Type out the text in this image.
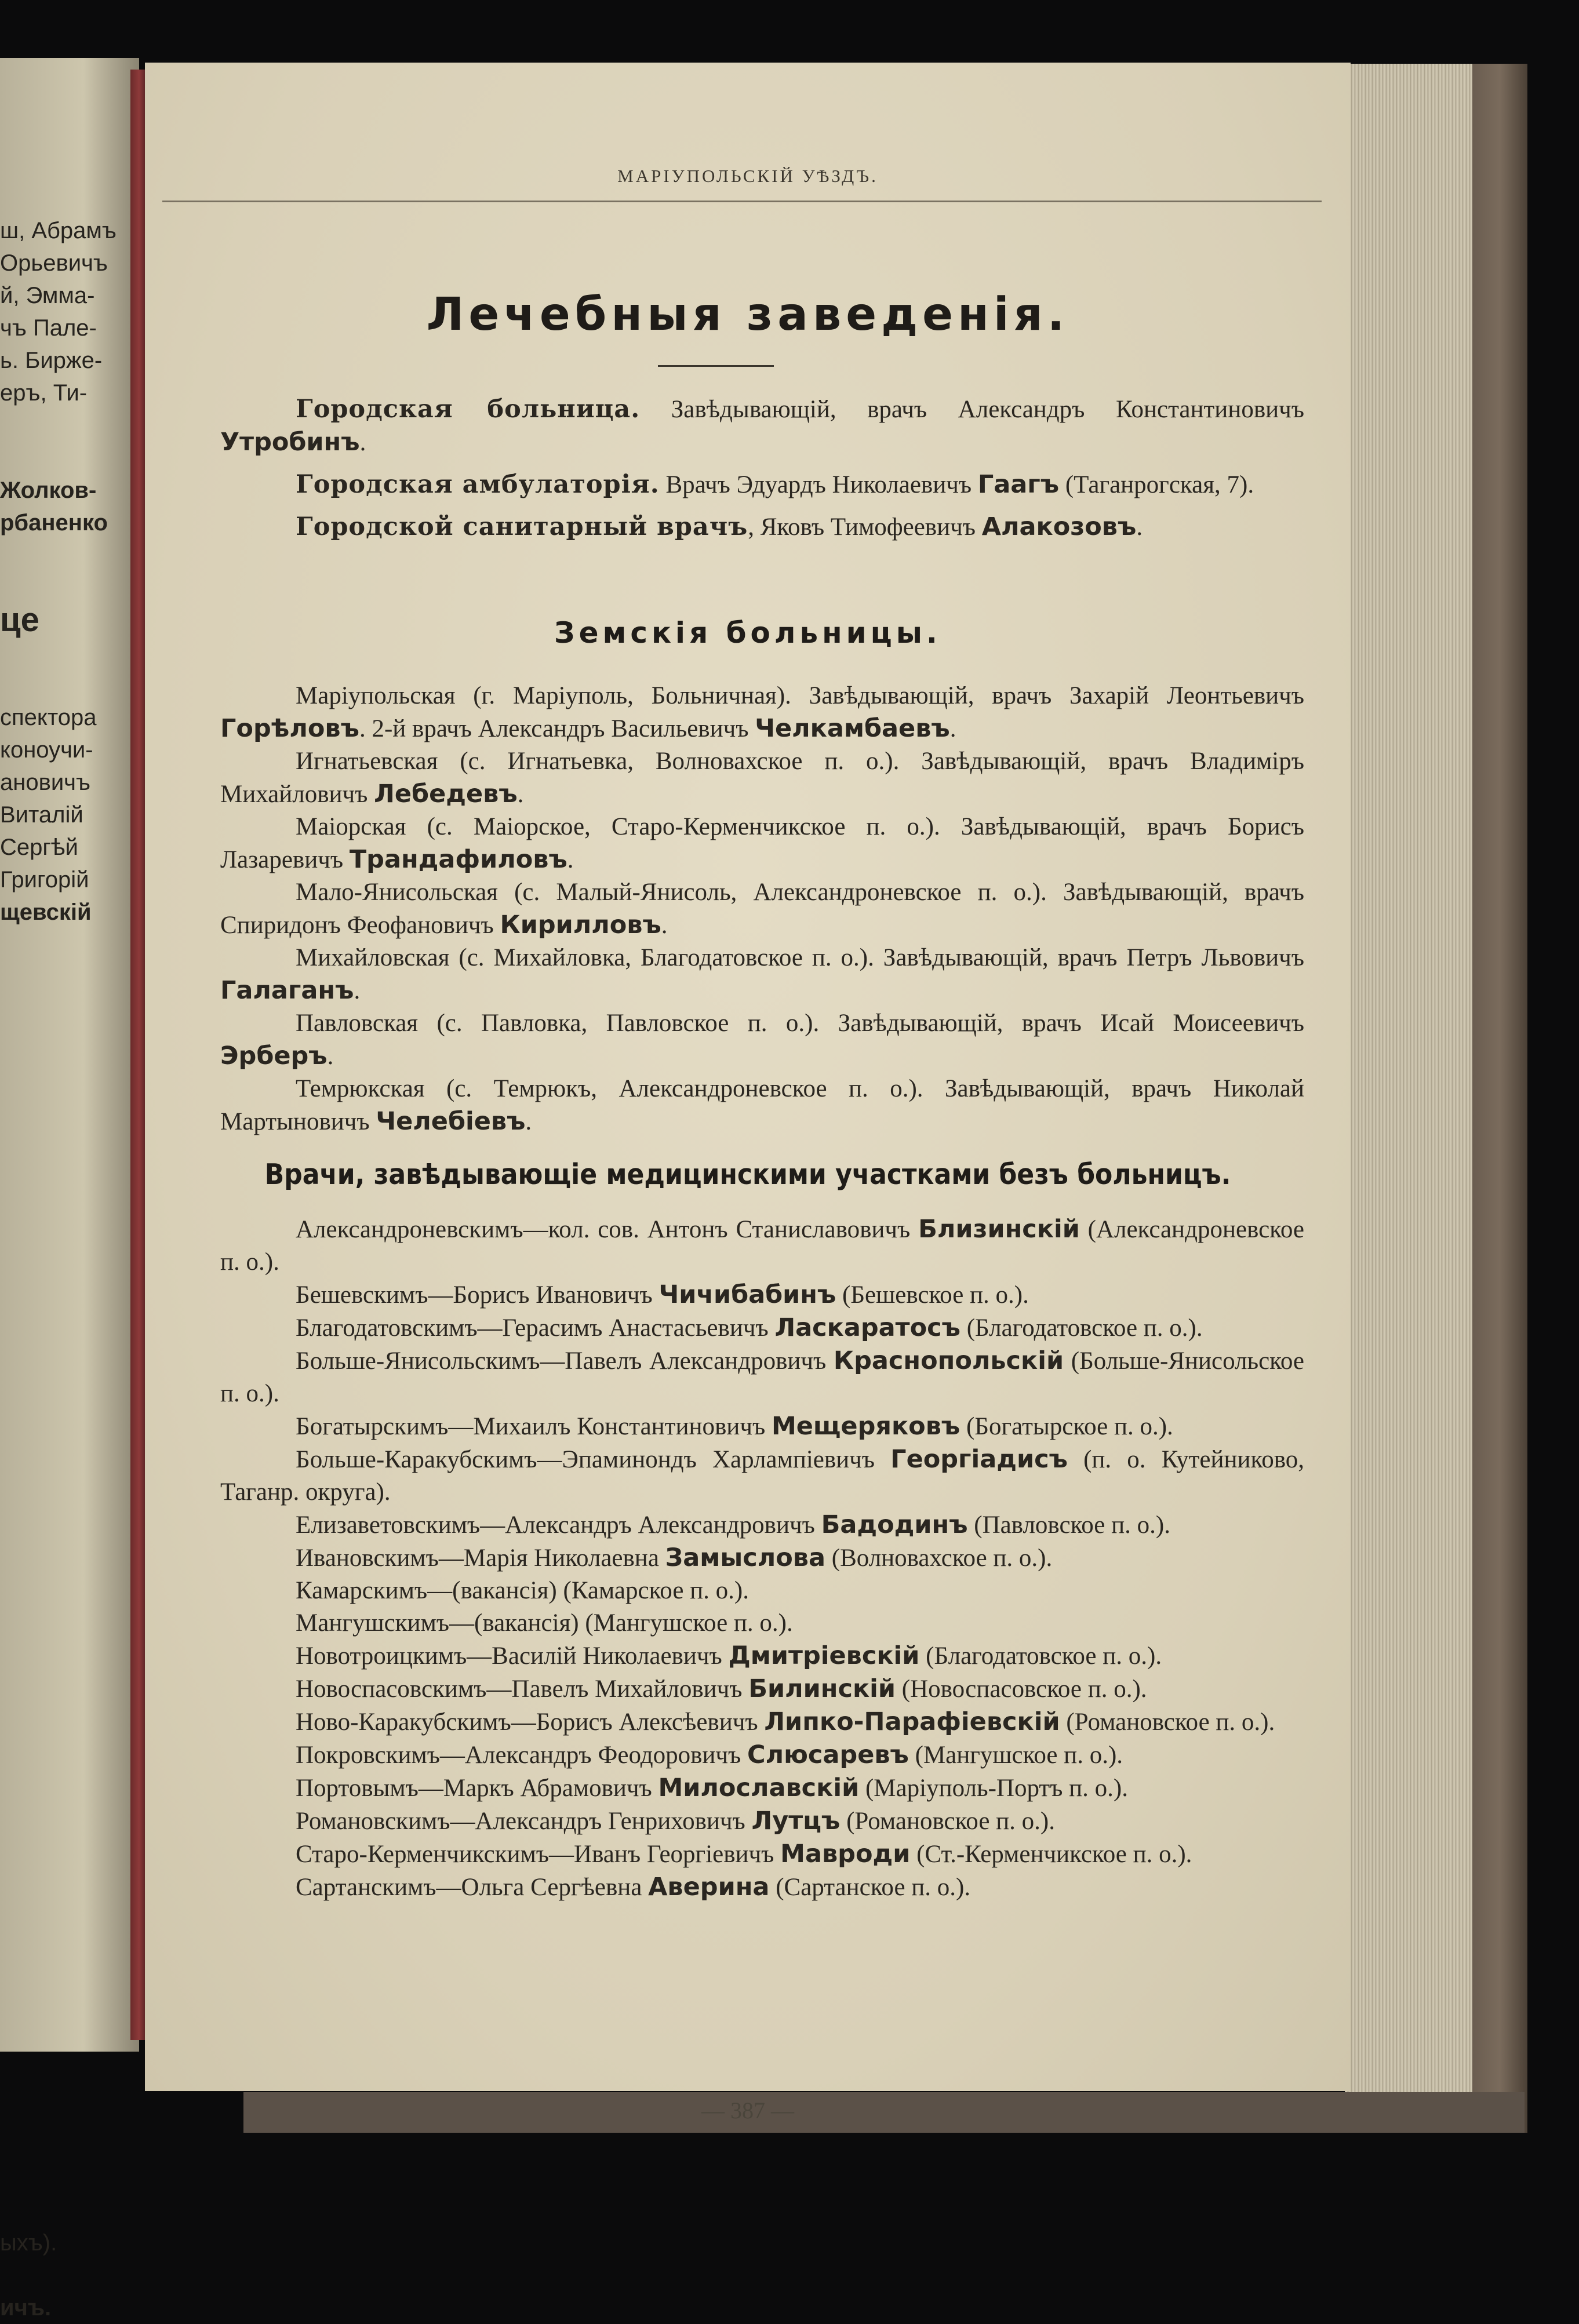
ш, Абрамъ

Орьевичъ

й, Эмма-

чъ Пале-

ь. Бирже-

еръ, Ти-

Жолков-

рбаненко

це

спектора

коноучи-

ановичъ

Виталій

Сергѣй

Григорій

щевскій

ыхъ).

ичъ.

МАРІУПОЛЬСКІЙ УѢЗДЪ.
Лечебныя заведенія.

Городская больница. Завѣдывающій, врачъ Александръ Константиновичъ Утробинъ.

Городская амбулаторія. Врачъ Эдуардъ Николаевичъ Гаагъ (Таганрогская, 7).

Городской санитарный врачъ, Яковъ Тимофеевичъ Алакозовъ.

Земскія больницы.

Маріупольская (г. Маріуполь, Больничная). Завѣдывающій, врачъ Захарій Леонтьевичъ Горѣловъ. 2-й врачъ Александръ Васильевичъ Челкамбаевъ.

Игнатьевская (с. Игнатьевка, Волновахское п. о.). Завѣдывающій, врачъ Владиміръ Михайловичъ Лебедевъ.

Маіорская (с. Маіорское, Старо-Керменчикское п. о.). Завѣдывающій, врачъ Борисъ Лазаревичъ Трандафиловъ.

Мало-Янисольская (с. Малый-Янисоль, Александроневское п. о.). Завѣдывающій, врачъ Спиридонъ Феофановичъ Кирилловъ.

Михайловская (с. Михайловка, Благодатовское п. о.). Завѣдывающій, врачъ Петръ Львовичъ Галаганъ.

Павловская (с. Павловка, Павловское п. о.). Завѣдывающій, врачъ Исай Моисеевичъ Эрберъ.

Темрюкская (с. Темрюкъ, Александроневское п. о.). Завѣдывающій, врачъ Николай Мартыновичъ Челебіевъ.

Врачи, завѣдывающіе медицинскими участками безъ больницъ.

Александроневскимъ—кол. сов. Антонъ Станиславовичъ Близинскій (Александроневское п. о.).

Бешевскимъ—Борисъ Ивановичъ Чичибабинъ (Бешевское п. о.).

Благодатовскимъ—Герасимъ Анастасьевичъ Ласкаратосъ (Благодатовское п. о.).

Больше-Янисольскимъ—Павелъ Александровичъ Краснопольскій (Больше-Янисольское п. о.).

Богатырскимъ—Михаилъ Константиновичъ Мещеряковъ (Богатырское п. о.).

Больше-Каракубскимъ—Эпаминондъ Харлампіевичъ Георгіадисъ (п. о. Кутейниково, Таганр. округа).

Елизаветовскимъ—Александръ Александровичъ Бадодинъ (Павловское п. о.).

Ивановскимъ—Марія Николаевна Замыслова (Волновахское п. о.).

Камарскимъ—(вакансія) (Камарское п. о.).

Мангушскимъ—(вакансія) (Мангушское п. о.).

Новотроицкимъ—Василій Николаевичъ Дмитріевскій (Благодатовское п. о.).

Новоспасовскимъ—Павелъ Михайловичъ Билинскій (Новоспасовское п. о.).

Ново-Каракубскимъ—Борисъ Алексѣевичъ Липко-Парафіевскій (Романовское п. о.).

Покровскимъ—Александръ Феодоровичъ Слюсаревъ (Мангушское п. о.).

Портовымъ—Маркъ Абрамовичъ Милославскій (Маріуполь-Портъ п. о.).

Романовскимъ—Александръ Генриховичъ Лутцъ (Романовское п. о.).

Старо-Керменчикскимъ—Иванъ Георгіевичъ Мавроди (Ст.-Керменчикское п. о.).

Сартанскимъ—Ольга Сергѣевна Аверина (Сартанское п. о.).

— 387 —
